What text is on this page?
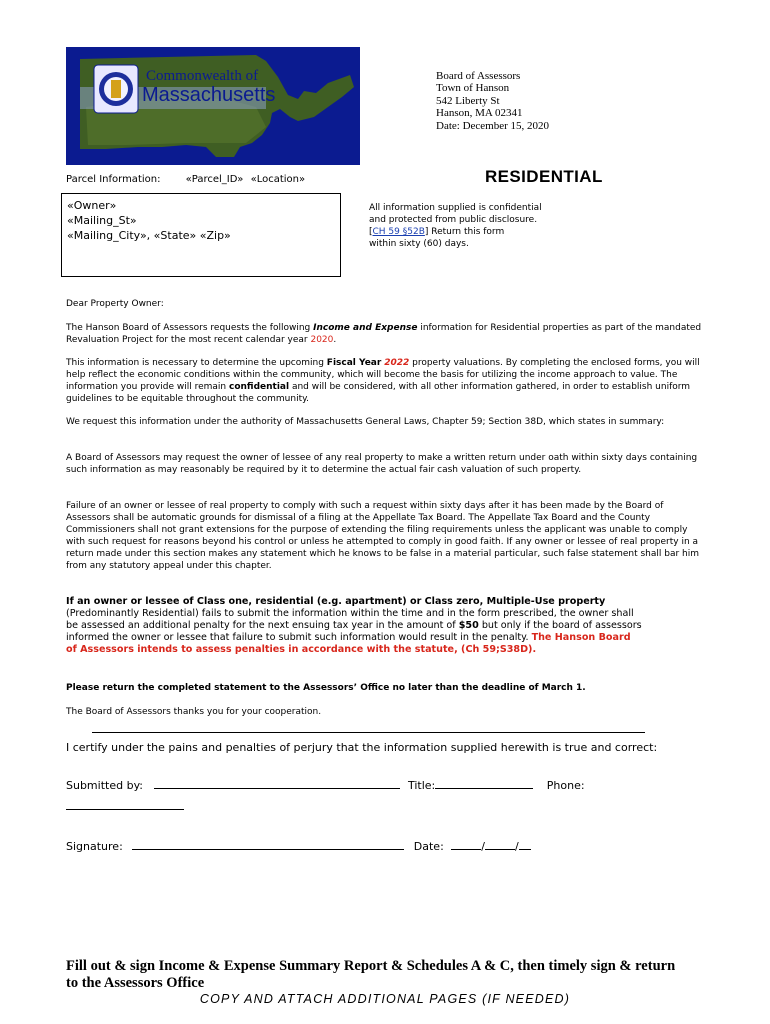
Commonwealth of
Massachusetts
Board of Assessors
Town of Hanson
542 Liberty St
Hanson, MA 02341
Date: December 15, 2020
Parcel Information:	«Parcel_ID» «Location»	RESIDENTIAL
«Owner»
«Mailing_St»
«Mailing_City», «State» «Zip»
All information supplied is confidential
and protected from public disclosure.
[CH 59 §52B] Return this form
within sixty (60) days.
Dear Property Owner:
The Hanson Board of Assessors requests the following Income and Expense information for Residential properties as part of the mandated Revaluation Project for the most recent calendar year 2020.
This information is necessary to determine the upcoming Fiscal Year 2022 property valuations. By completing the enclosed forms, you will help reflect the economic conditions within the community, which will become the basis for utilizing the income approach to value. The information you provide will remain confidential and will be considered, with all other information gathered, in order to establish uniform guidelines to be equitable throughout the community.
We request this information under the authority of Massachusetts General Laws, Chapter 59; Section 38D, which states in summary:
A Board of Assessors may request the owner of lessee of any real property to make a written return under oath within sixty days containing such information as may reasonably be required by it to determine the actual fair cash valuation of such property.
Failure of an owner or lessee of real property to comply with such a request within sixty days after it has been made by the Board of Assessors shall be automatic grounds for dismissal of a filing at the Appellate Tax Board. The Appellate Tax Board and the County Commissioners shall not grant extensions for the purpose of extending the filing requirements unless the applicant was unable to comply with such request for reasons beyond his control or unless he attempted to comply in good faith. If any owner or lessee of real property in a return made under this section makes any statement which he knows to be false in a material particular, such false statement shall bar him from any statutory appeal under this chapter.
If an owner or lessee of Class one, residential (e.g. apartment) or Class zero, Multiple-Use property (Predominantly Residential) fails to submit the information within the time and in the form prescribed, the owner shall be assessed an additional penalty for the next ensuing tax year in the amount of $50 but only if the board of assessors informed the owner or lessee that failure to submit such information would result in the penalty. The Hanson Board of Assessors intends to assess penalties in accordance with the statute, (Ch 59;S38D).
Please return the completed statement to the Assessors’ Office no later than the deadline of March 1.
The Board of Assessors thanks you for your cooperation.
I certify under the pains and penalties of perjury that the information supplied herewith is true and correct:
Submitted by:	Title:	Phone:
Signature:	Date:	/	/
Fill out & sign Income & Expense Summary Report & Schedules A & C, then timely sign & return to the Assessors Office
COPY AND ATTACH ADDITIONAL PAGES (IF NEEDED)
